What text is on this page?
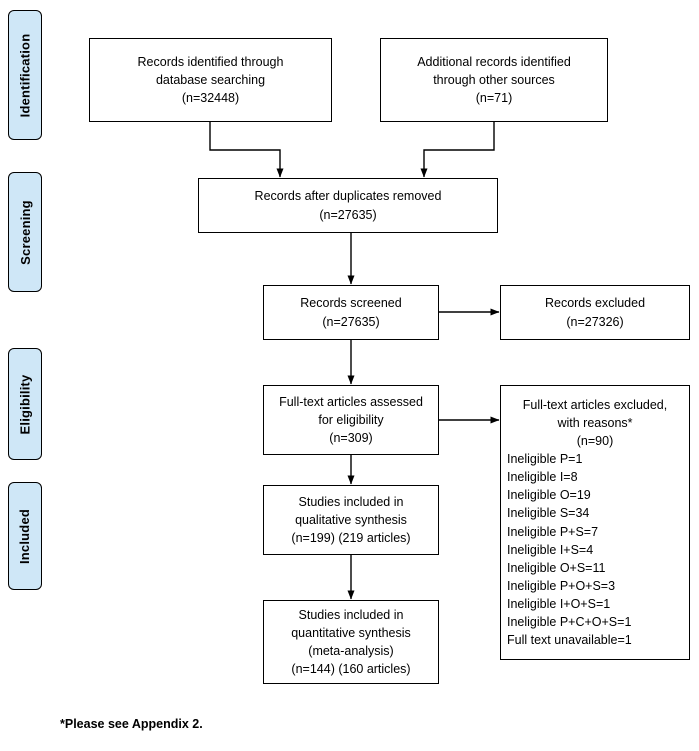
Identification
Screening
Eligibility
Included
Records identified through
database searching
(n=32448)
Additional records identified
through other sources
(n=71)
Records after duplicates removed
(n=27635)
Records screened
(n=27635)
Records excluded
(n=27326)
Full-text articles assessed
for eligibility
(n=309)
Full-text articles excluded,
with reasons*
(n=90)
Ineligible P=1
Ineligible I=8
Ineligible O=19
Ineligible S=34
Ineligible P+S=7
Ineligible I+S=4
Ineligible O+S=11
Ineligible P+O+S=3
Ineligible I+O+S=1
Ineligible P+C+O+S=1
Full text unavailable=1
Studies included in
qualitative synthesis
(n=199) (219 articles)
Studies included in
quantitative synthesis
(meta-analysis)
(n=144) (160 articles)
*Please see Appendix 2.
